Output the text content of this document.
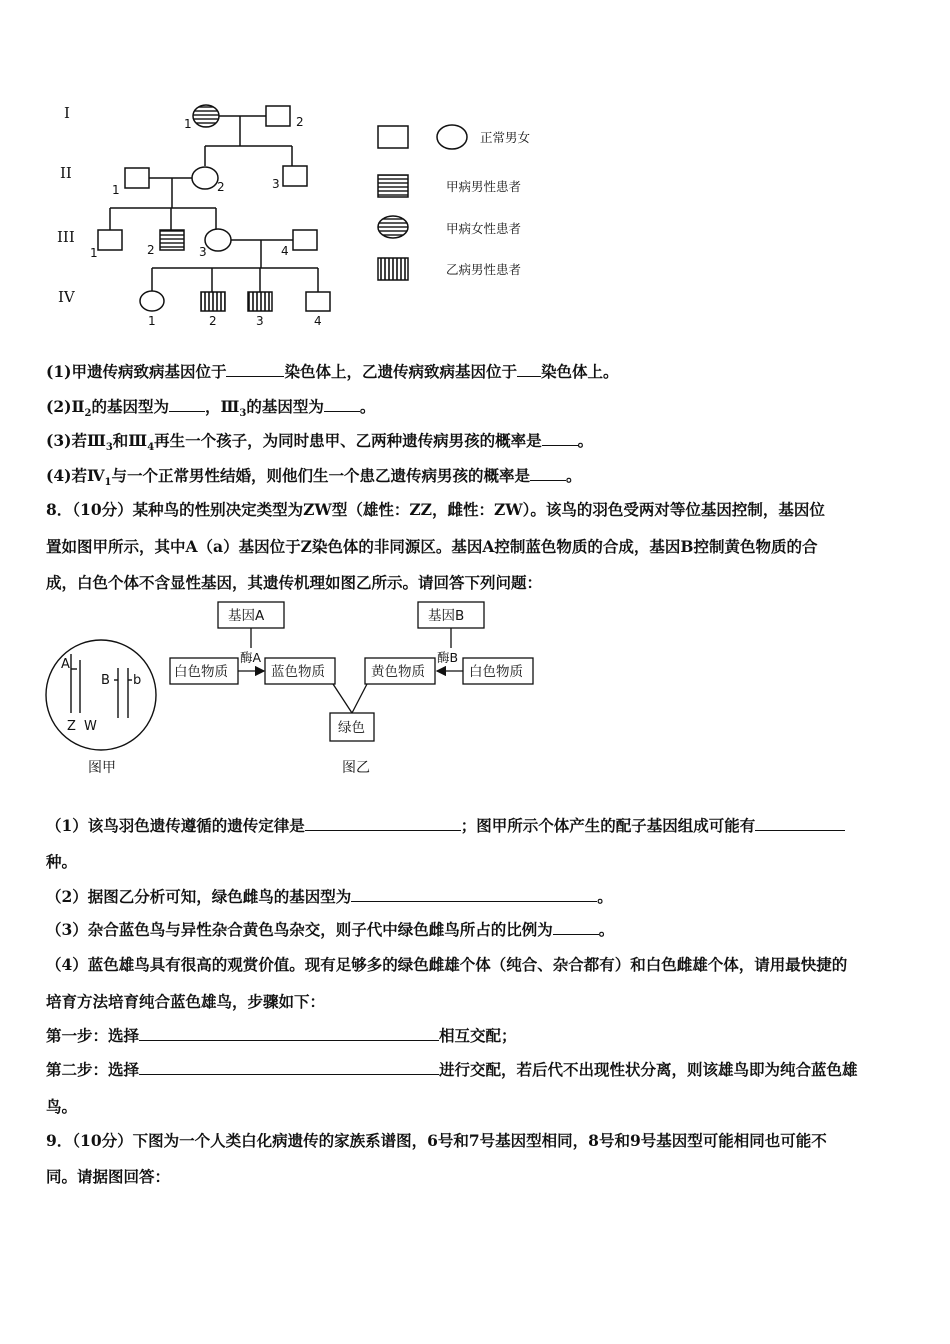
I
II
III
IV
1	2
1	2	3
1	2	3	4
1	2	3	4
正常男女
甲病男性患者
甲病女性患者
乙病男性患者
(1)甲遗传病致病基因位于	染色体上，乙遗传病致病基因位于 染色体上。
$(2)Ⅱ_2$的基因型为 ，$Ⅲ_3$的基因型为 。
(3)若$Ⅲ_3$和$Ⅲ_4$再生一个孩子，为同时患甲、乙两种遗传病男孩的概率是 。
(4)若$Ⅳ_1$与一个正常男性结婚，则他们生一个患乙遗传病男孩的概率是 。
8．（10分）某种鸟的性别决定类型为ZW型（雄性：ZZ，雌性：ZW）。该鸟的羽色受两对等位基因控制，基因位
置如图甲所示，其中A（a）基因位于Z染色体的非同源区。基因A控制蓝色物质的合成，基因B控制黄色物质的合
成，白色个体不含显性基因，其遗传机理如图乙所示。请回答下列问题：
A
B b
Z W
图甲
基因A	基因B
酶A	酶B
白色物质	蓝色物质	黄色物质	白色物质
绿色
图乙
（1）该鸟羽色遗传遵循的遗传定律是	；图甲所示个体产生的配子基因组成可能有
种。
（2）据图乙分析可知，绿色雌鸟的基因型为	。
（3）杂合蓝色鸟与异性杂合黄色鸟杂交，则子代中绿色雌鸟所占的比例为	。
（4）蓝色雄鸟具有很高的观赏价值。现有足够多的绿色雌雄个体（纯合、杂合都有）和白色雌雄个体，请用最快捷的
培育方法培育纯合蓝色雄鸟，步骤如下：
第一步：选择	相互交配；
第二步：选择	进行交配，若后代不出现性状分离，则该雄鸟即为纯合蓝色雄
鸟。
9．（10分）下图为一个人类白化病遗传的家族系谱图，6号和7号基因型相同，8号和9号基因型可能相同也可能不
同。请据图回答：
